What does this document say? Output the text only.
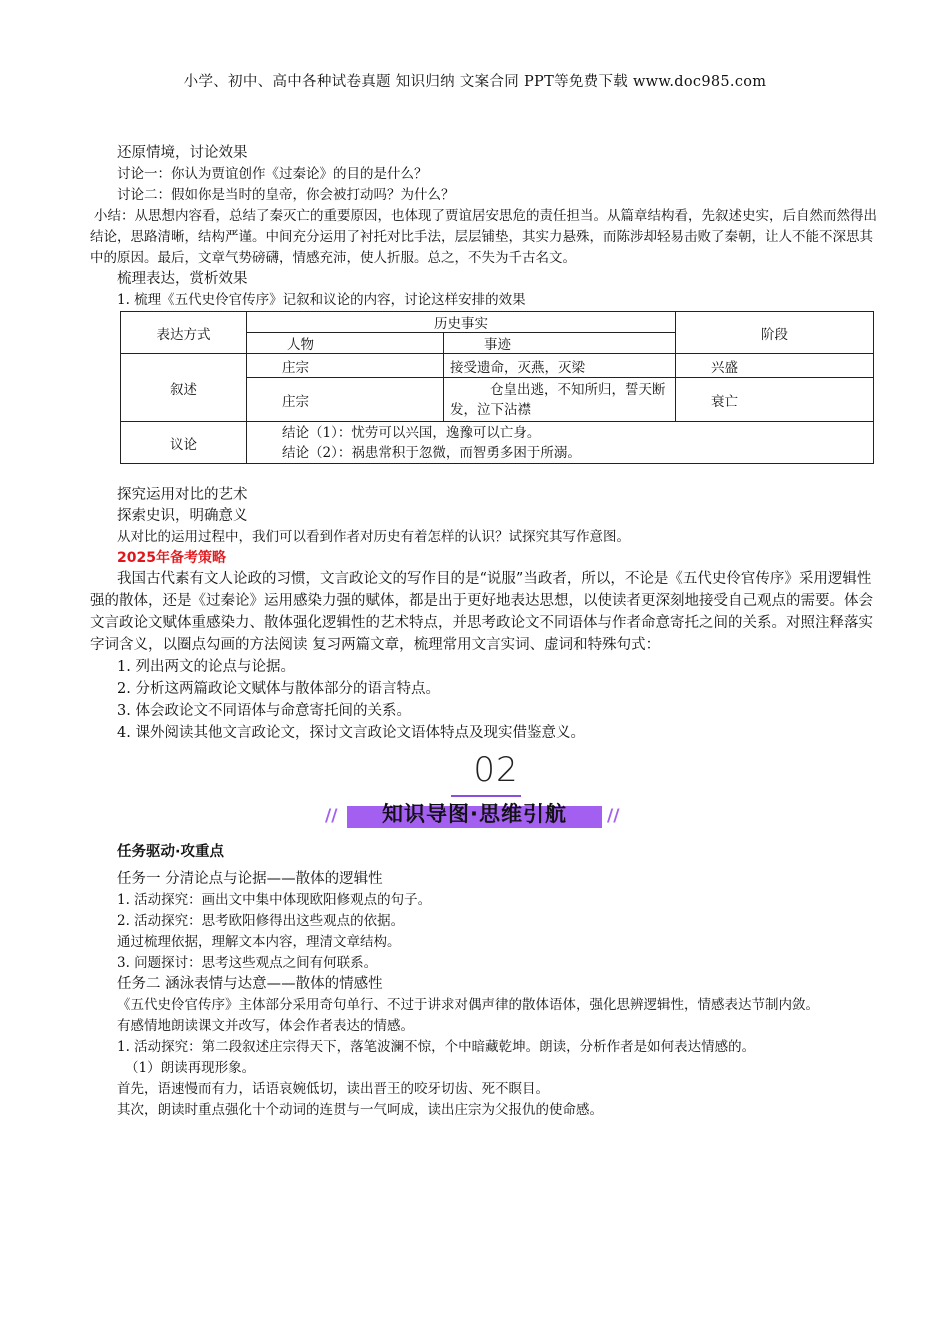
小学、初中、高中各种试卷真题 知识归纳 文案合同 PPT等免费下载 www.doc985.com

还原情境，讨论效果

讨论一：你认为贾谊创作《过秦论》的目的是什么？

讨论二：假如你是当时的皇帝，你会被打动吗？为什么？

小结：从思想内容看，总结了秦灭亡的重要原因，也体现了贾谊居安思危的责任担当。从篇章结构看，先叙述史实，后自然而然得出结论，思路清晰，结构严谨。中间充分运用了衬托对比手法，层层铺垫，其实力悬殊，而陈涉却轻易击败了秦朝，让人不能不深思其中的原因。最后，文章气势磅礴，情感充沛，使人折服。总之，不失为千古名文。

梳理表达，赏析效果

1. 梳理《五代史伶官传序》记叙和议论的内容，讨论这样安排的效果

表达方式	历史事实		阶段
	人物	事迹	
叙述	庄宗	接受遗命，灭燕，灭梁	兴盛
	庄宗	仓皇出逃，不知所归，誓天断发，泣下沾襟	衰亡
议论	结论（1）：忧劳可以兴国，逸豫可以亡身。
结论（2）：祸患常积于忽微，而智勇多困于所溺。		

探究运用对比的艺术

探索史识，明确意义

从对比的运用过程中，我们可以看到作者对历史有着怎样的认识？试探究其写作意图。

2025年备考策略

我国古代素有文人论政的习惯，文言政论文的写作目的是“说服”当政者，所以，不论是《五代史伶官传序》采用逻辑性强的散体，还是《过秦论》运用感染力强的赋体，都是出于更好地表达思想，以使读者更深刻地接受自己观点的需要。体会文言政论文赋体重感染力、散体强化逻辑性的艺术特点，并思考政论文不同语体与作者命意寄托之间的关系。对照注释落实字词含义，以圈点勾画的方法阅读 复习两篇文章，梳理常用文言实词、虚词和特殊句式：

1. 列出两文的论点与论据。

2. 分析这两篇政论文赋体与散体部分的语言特点。

3. 体会政论文不同语体与命意寄托间的关系。

4. 课外阅读其他文言政论文，探讨文言政论文语体特点及现实借鉴意义。

02
//	知识导图·思维引航	//

任务驱动·攻重点

任务一 分清论点与论据——散体的逻辑性

1. 活动探究：画出文中集中体现欧阳修观点的句子。

2. 活动探究：思考欧阳修得出这些观点的依据。

通过梳理依据，理解文本内容，理清文章结构。

3. 问题探讨：思考这些观点之间有何联系。

任务二 涵泳表情与达意——散体的情感性

《五代史伶官传序》主体部分采用奇句单行、不过于讲求对偶声律的散体语体，强化思辨逻辑性，情感表达节制内敛。

有感情地朗读课文并改写，体会作者表达的情感。

1. 活动探究：第二段叙述庄宗得天下，落笔波澜不惊，个中暗藏乾坤。朗读，分析作者是如何表达情感的。

（1）朗读再现形象。

首先，语速慢而有力，话语哀婉低切，读出晋王的咬牙切齿、死不瞑目。

其次，朗读时重点强化十个动词的连贯与一气呵成，读出庄宗为父报仇的使命感。
